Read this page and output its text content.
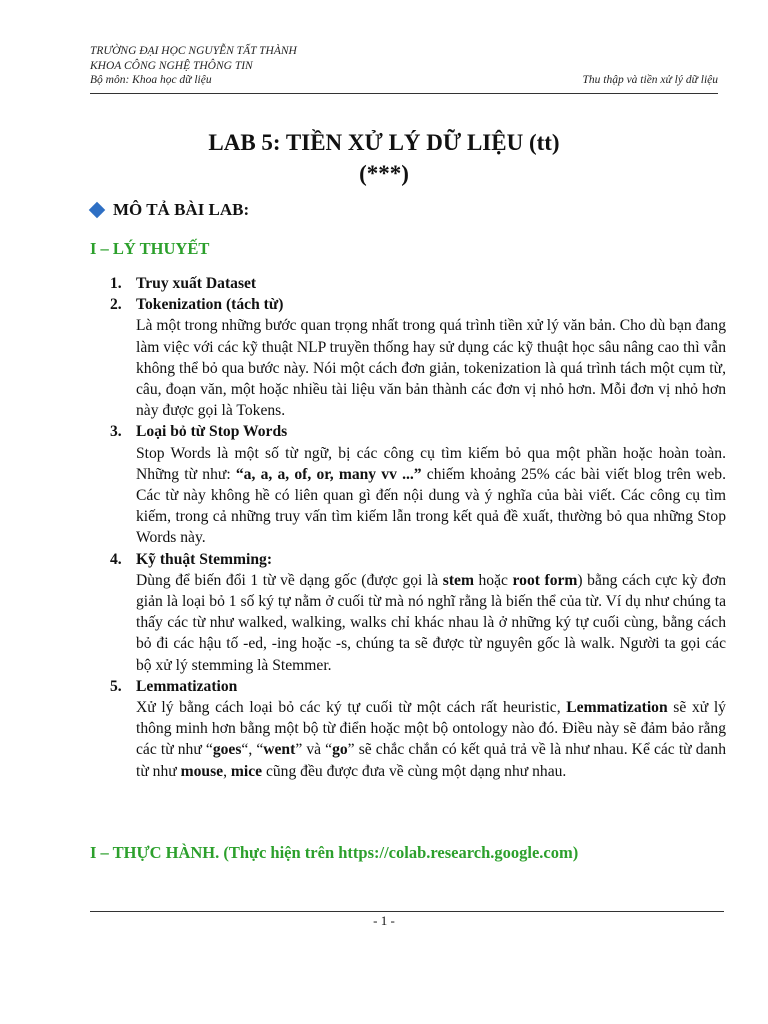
TRƯỜNG ĐẠI HỌC NGUYỄN TẤT THÀNH
KHOA CÔNG NGHỆ THÔNG TIN
Bộ môn: Khoa học dữ liệu	Thu thập và tiền xử lý dữ liệu
LAB 5: TIỀN XỬ LÝ DỮ LIỆU (tt)
(***)
MÔ TẢ BÀI LAB:
I – LÝ THUYẾT
1. Truy xuất Dataset
2. Tokenization (tách từ)
Là một trong những bước quan trọng nhất trong quá trình tiền xử lý văn bản. Cho dù bạn đang làm việc với các kỹ thuật NLP truyền thống hay sử dụng các kỹ thuật học sâu nâng cao thì vẫn không thể bỏ qua bước này. Nói một cách đơn giản, tokenization là quá trình tách một cụm từ, câu, đoạn văn, một hoặc nhiều tài liệu văn bản thành các đơn vị nhỏ hơn. Mỗi đơn vị nhỏ hơn này được gọi là Tokens.
3. Loại bỏ từ Stop Words
Stop Words là một số từ ngữ, bị các công cụ tìm kiếm bỏ qua một phần hoặc hoàn toàn. Những từ như: “a, a, a, of, or, many vv ...” chiếm khoảng 25% các bài viết blog trên web. Các từ này không hề có liên quan gì đến nội dung và ý nghĩa của bài viết. Các công cụ tìm kiếm, trong cả những truy vấn tìm kiếm lẫn trong kết quả đề xuất, thường bỏ qua những Stop Words này.
4. Kỹ thuật Stemming:
Dùng để biến đổi 1 từ về dạng gốc (được gọi là stem hoặc root form) bằng cách cực kỳ đơn giản là loại bỏ 1 số ký tự nằm ở cuối từ mà nó nghĩ rằng là biến thể của từ. Ví dụ như chúng ta thấy các từ như walked, walking, walks chỉ khác nhau là ở những ký tự cuối cùng, bằng cách bỏ đi các hậu tố -ed, -ing hoặc -s, chúng ta sẽ được từ nguyên gốc là walk. Người ta gọi các bộ xử lý stemming là Stemmer.
5. Lemmatization
Xử lý bằng cách loại bỏ các ký tự cuối từ một cách rất heuristic, Lemmatization sẽ xử lý thông minh hơn bằng một bộ từ điển hoặc một bộ ontology nào đó. Điều này sẽ đảm bảo rằng các từ như “goes“, “went” và “go” sẽ chắc chắn có kết quả trả về là như nhau. Kể các từ danh từ như mouse, mice cũng đều được đưa về cùng một dạng như nhau.
I – THỰC HÀNH. (Thực hiện trên https://colab.research.google.com)
- 1 -
